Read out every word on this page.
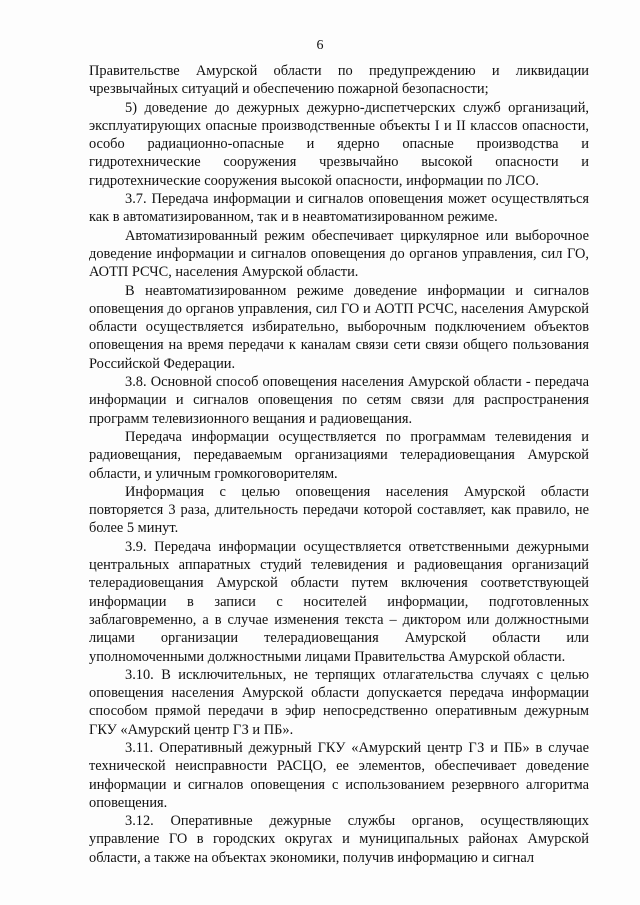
6

Правительстве Амурской области по предупреждению и ликвидации чрезвычайных ситуаций и обеспечению пожарной безопасности;

5) доведение до дежурных дежурно-диспетчерских служб организаций, эксплуатирующих опасные производственные объекты I и II классов опасности, особо радиационно-опасные и ядерно опасные производства и гидротехнические сооружения чрезвычайно высокой опасности и гидротехнические сооружения высокой опасности, информации по ЛСО.

3.7. Передача информации и сигналов оповещения может осуществляться как в автоматизированном, так и в неавтоматизированном режиме.

Автоматизированный режим обеспечивает циркулярное или выборочное доведение информации и сигналов оповещения до органов управления, сил ГО, АОТП РСЧС, населения Амурской области.

В неавтоматизированном режиме доведение информации и сигналов оповещения до органов управления, сил ГО и АОТП РСЧС, населения Амурской области осуществляется избирательно, выборочным подключением объектов оповещения на время передачи к каналам связи сети связи общего пользования Российской Федерации.

3.8. Основной способ оповещения населения Амурской области - передача информации и сигналов оповещения по сетям связи для распространения программ телевизионного вещания и радиовещания.

Передача информации осуществляется по программам телевидения и радиовещания, передаваемым организациями телерадиовещания Амурской области, и уличным громкоговорителям.

Информация с целью оповещения населения Амурской области повторяется 3 раза, длительность передачи которой составляет, как правило, не более 5 минут.

3.9. Передача информации осуществляется ответственными дежурными центральных аппаратных студий телевидения и радиовещания организаций телерадиовещания Амурской области путем включения соответствующей информации в записи с носителей информации, подготовленных заблаговременно, а в случае изменения текста – диктором или должностными лицами организации телерадиовещания Амурской области или уполномоченными должностными лицами Правительства Амурской области.

3.10. В исключительных, не терпящих отлагательства случаях с целью оповещения населения Амурской области допускается передача информации способом прямой передачи в эфир непосредственно оперативным дежурным ГКУ «Амурский центр ГЗ и ПБ».

3.11. Оперативный дежурный ГКУ «Амурский центр ГЗ и ПБ» в случае технической неисправности РАСЦО, ее элементов, обеспечивает доведение информации и сигналов оповещения с использованием резервного алгоритма оповещения.

3.12. Оперативные дежурные службы органов, осуществляющих управление ГО в городских округах и муниципальных районах Амурской области, а также на объектах экономики, получив информацию и сигнал
